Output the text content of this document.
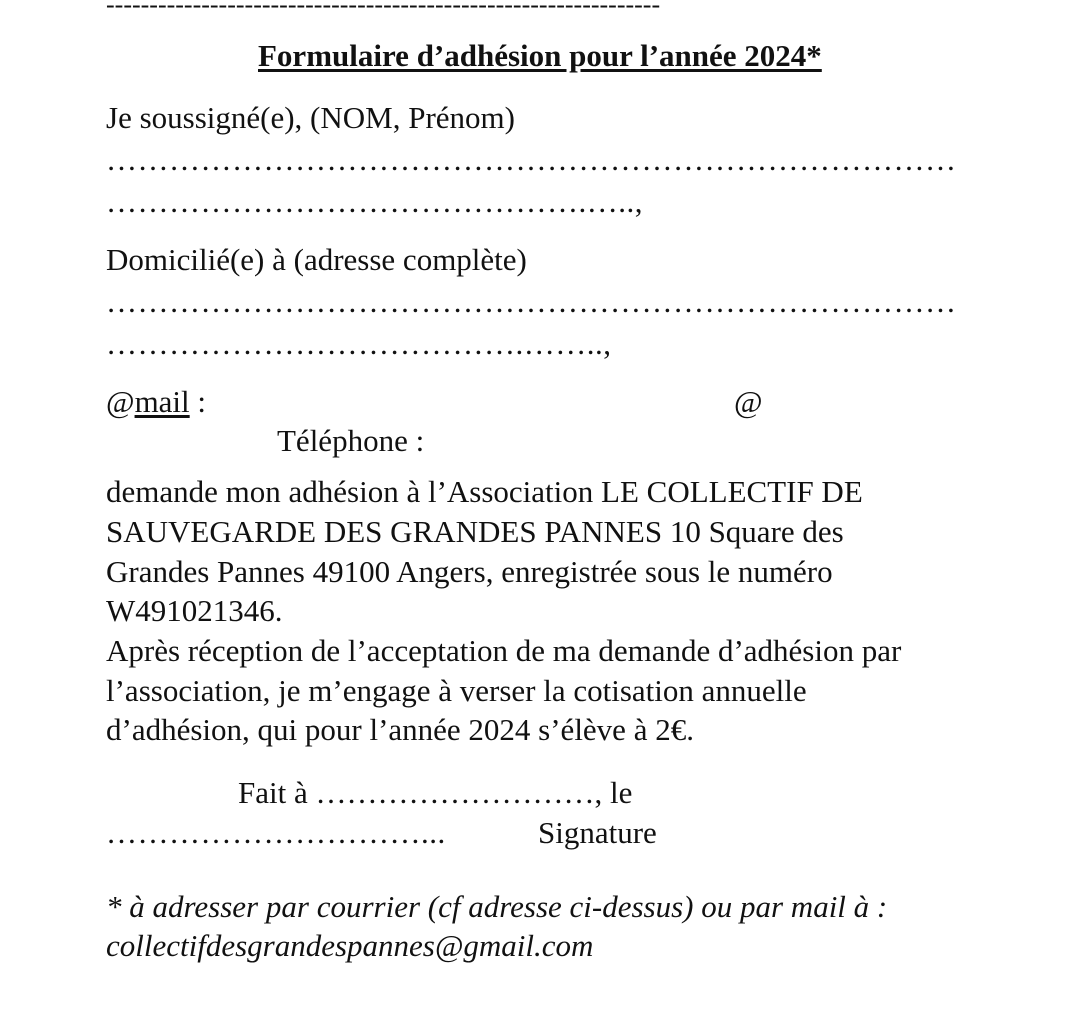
----------------------------------------------------------------

Formulaire d’adhésion pour l’année 2024*

Je soussigné(e), (NOM, Prénom)

………………………………………………………………………

……………………………………….…..,

Domicilié(e) à (adresse complète)

………………………………………………………………………

………………………………….……..,

@mail :	@

Téléphone :

demande mon adhésion à l’Association LE COLLECTIF DE

SAUVEGARDE DES GRANDES PANNES 10 Square des

Grandes Pannes 49100 Angers, enregistrée sous le numéro

W491021346.

Après réception de l’acceptation de ma demande d’adhésion par

l’association, je m’engage à verser la cotisation annuelle

d’adhésion, qui pour l’année 2024 s’élève à 2€.

Fait à ………………………, le

…………………………...	Signature

* à adresser par courrier (cf adresse ci-dessus) ou par mail à :

collectifdesgrandespannes@gmail.com
